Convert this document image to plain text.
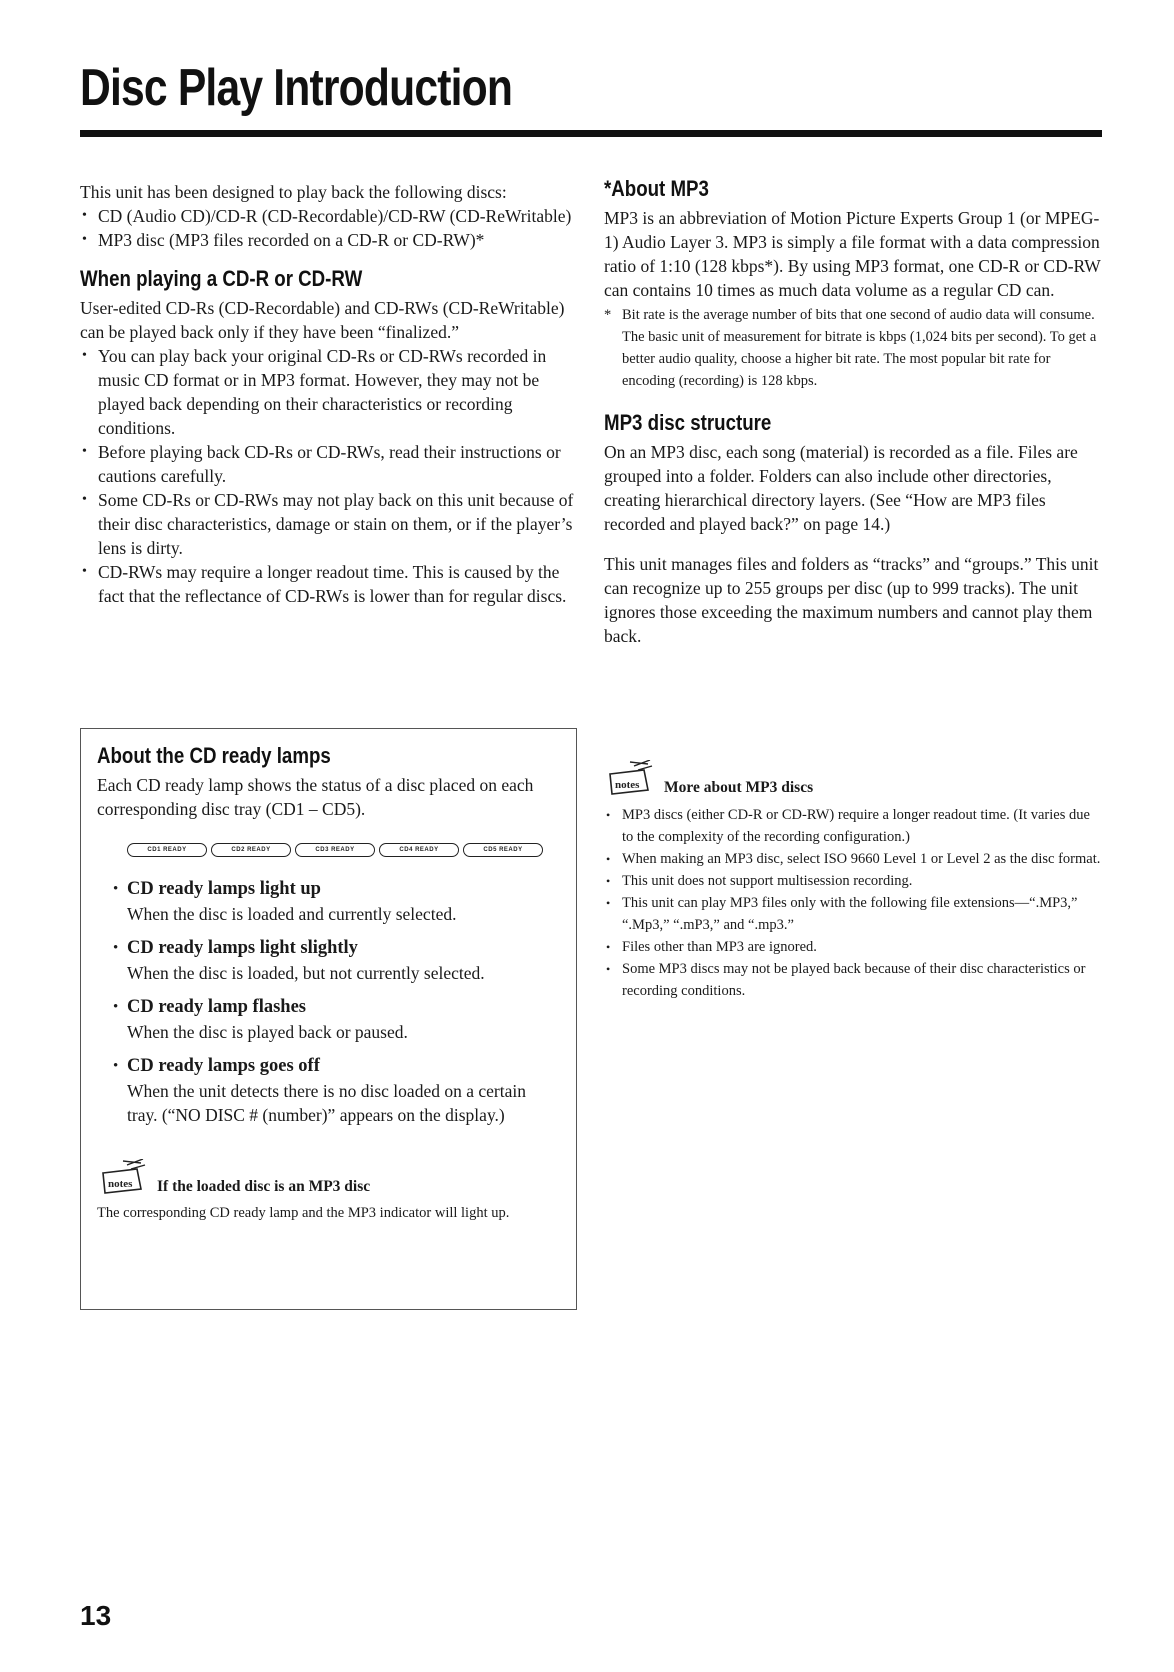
Disc Play Introduction

This unit has been designed to play back the following discs:

• CD (Audio CD)/CD-R (CD-Recordable)/CD-RW (CD-ReWritable)
• MP3 disc (MP3 files recorded on a CD-R or CD-RW)*
When playing a CD-R or CD-RW

User-edited CD-Rs (CD-Recordable) and CD-RWs (CD-ReWritable) can be played back only if they have been “finalized.”

• You can play back your original CD-Rs or CD-RWs recorded in music CD format or in MP3 format. However, they may not be played back depending on their characteristics or recording conditions.
• Before playing back CD-Rs or CD-RWs, read their instructions or cautions carefully.
• Some CD-Rs or CD-RWs may not play back on this unit because of their disc characteristics, damage or stain on them, or if the player’s lens is dirty.
• CD-RWs may require a longer readout time. This is caused by the fact that the reflectance of CD-RWs is lower than for regular discs.
About the CD ready lamps

Each CD ready lamp shows the status of a disc placed on each corresponding disc tray (CD1 – CD5).

CD1 READY	CD2 READY	CD3 READY	CD4 READY	CD5 READY
• CD ready lamps light up
When the disc is loaded and currently selected.
• CD ready lamps light slightly
When the disc is loaded, but not currently selected.
• CD ready lamp flashes
When the disc is played back or paused.
• CD ready lamps goes off
When the unit detects there is no disc loaded on a certain tray. (“NO DISC # (number)” appears on the display.)
notes If the loaded disc is an MP3 disc
The corresponding CD ready lamp and the MP3 indicator will light up.
*About MP3

MP3 is an abbreviation of Motion Picture Experts Group 1 (or MPEG-1) Audio Layer 3. MP3 is simply a file format with a data compression ratio of 1:10 (128 kbps*). By using MP3 format, one CD-R or CD-RW can contains 10 times as much data volume as a regular CD can.

* Bit rate is the average number of bits that one second of audio data will consume. The basic unit of measurement for bitrate is kbps (1,024 bits per second). To get a better audio quality, choose a higher bit rate. The most popular bit rate for encoding (recording) is 128 kbps.
MP3 disc structure

On an MP3 disc, each song (material) is recorded as a file. Files are grouped into a folder. Folders can also include other directories, creating hierarchical directory layers. (See “How are MP3 files recorded and played back?” on page 14.)

This unit manages files and folders as “tracks” and “groups.” This unit can recognize up to 255 groups per disc (up to 999 tracks). The unit ignores those exceeding the maximum numbers and cannot play them back.

notes More about MP3 discs
• MP3 discs (either CD-R or CD-RW) require a longer readout time. (It varies due to the complexity of the recording configuration.)
• When making an MP3 disc, select ISO 9660 Level 1 or Level 2 as the disc format.
• This unit does not support multisession recording.
• This unit can play MP3 files only with the following file extensions—“.MP3,” “.Mp3,” “.mP3,” and “.mp3.”
• Files other than MP3 are ignored.
• Some MP3 discs may not be played back because of their disc characteristics or recording conditions.
13
